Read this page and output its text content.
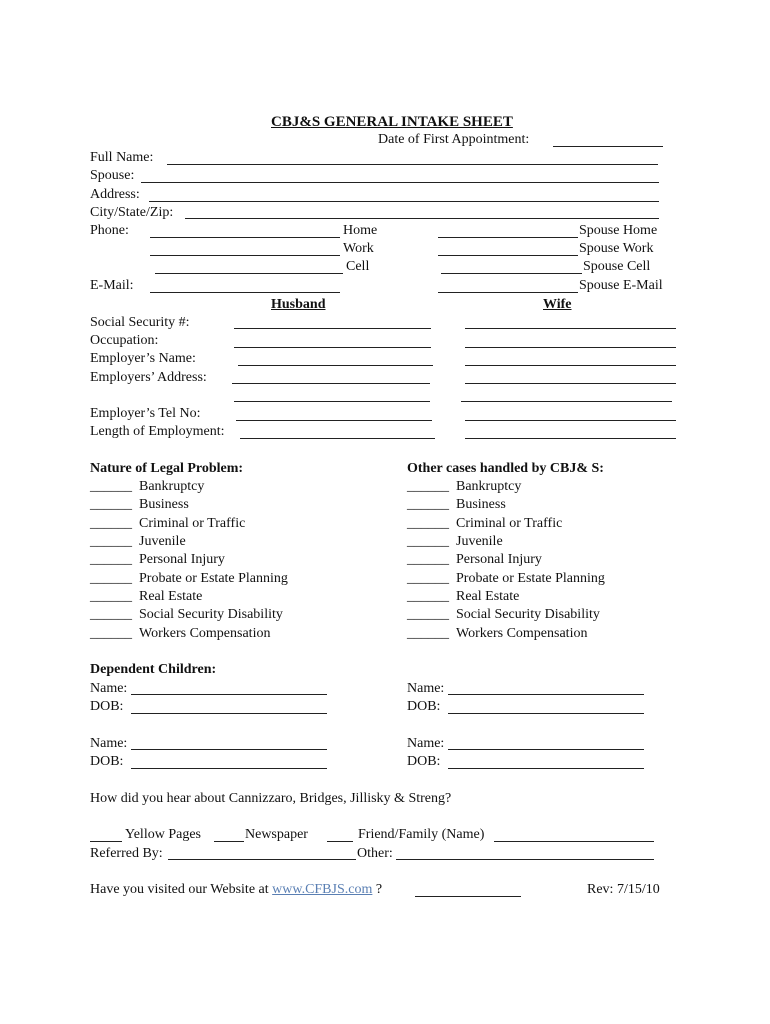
CBJ&S GENERAL INTAKE SHEET
Date of First Appointment:
Full Name:
Spouse:
Address:
City/State/Zip:
Phone:	Home	Spouse Home
Work	Spouse Work
Cell	Spouse Cell
E-Mail:	Spouse E-Mail
Husband	Wife
Social Security #:
Occupation:
Employer’s Name:
Employers’ Address:
Employer’s Tel No:
Length of Employment:
Nature of Legal Problem:
______ Bankruptcy
______ Business
______ Criminal or Traffic
______ Juvenile
______ Personal Injury
______ Probate or Estate Planning
______ Real Estate
______ Social Security Disability
______ Workers Compensation
Other cases handled by CBJ& S:
______ Bankruptcy
______ Business
______ Criminal or Traffic
______ Juvenile
______ Personal Injury
______ Probate or Estate Planning
______ Real Estate
______ Social Security Disability
______ Workers Compensation
Dependent Children:
Name:
DOB:
Name:
DOB:
Name:
DOB:
Name:
DOB:
How did you hear about Cannizzaro, Bridges, Jillisky & Streng?
Yellow Pages	Newspaper	Friend/Family (Name)
Referred By:	Other:
Have you visited our Website at www.CFBJS.com ?	Rev: 7/15/10
